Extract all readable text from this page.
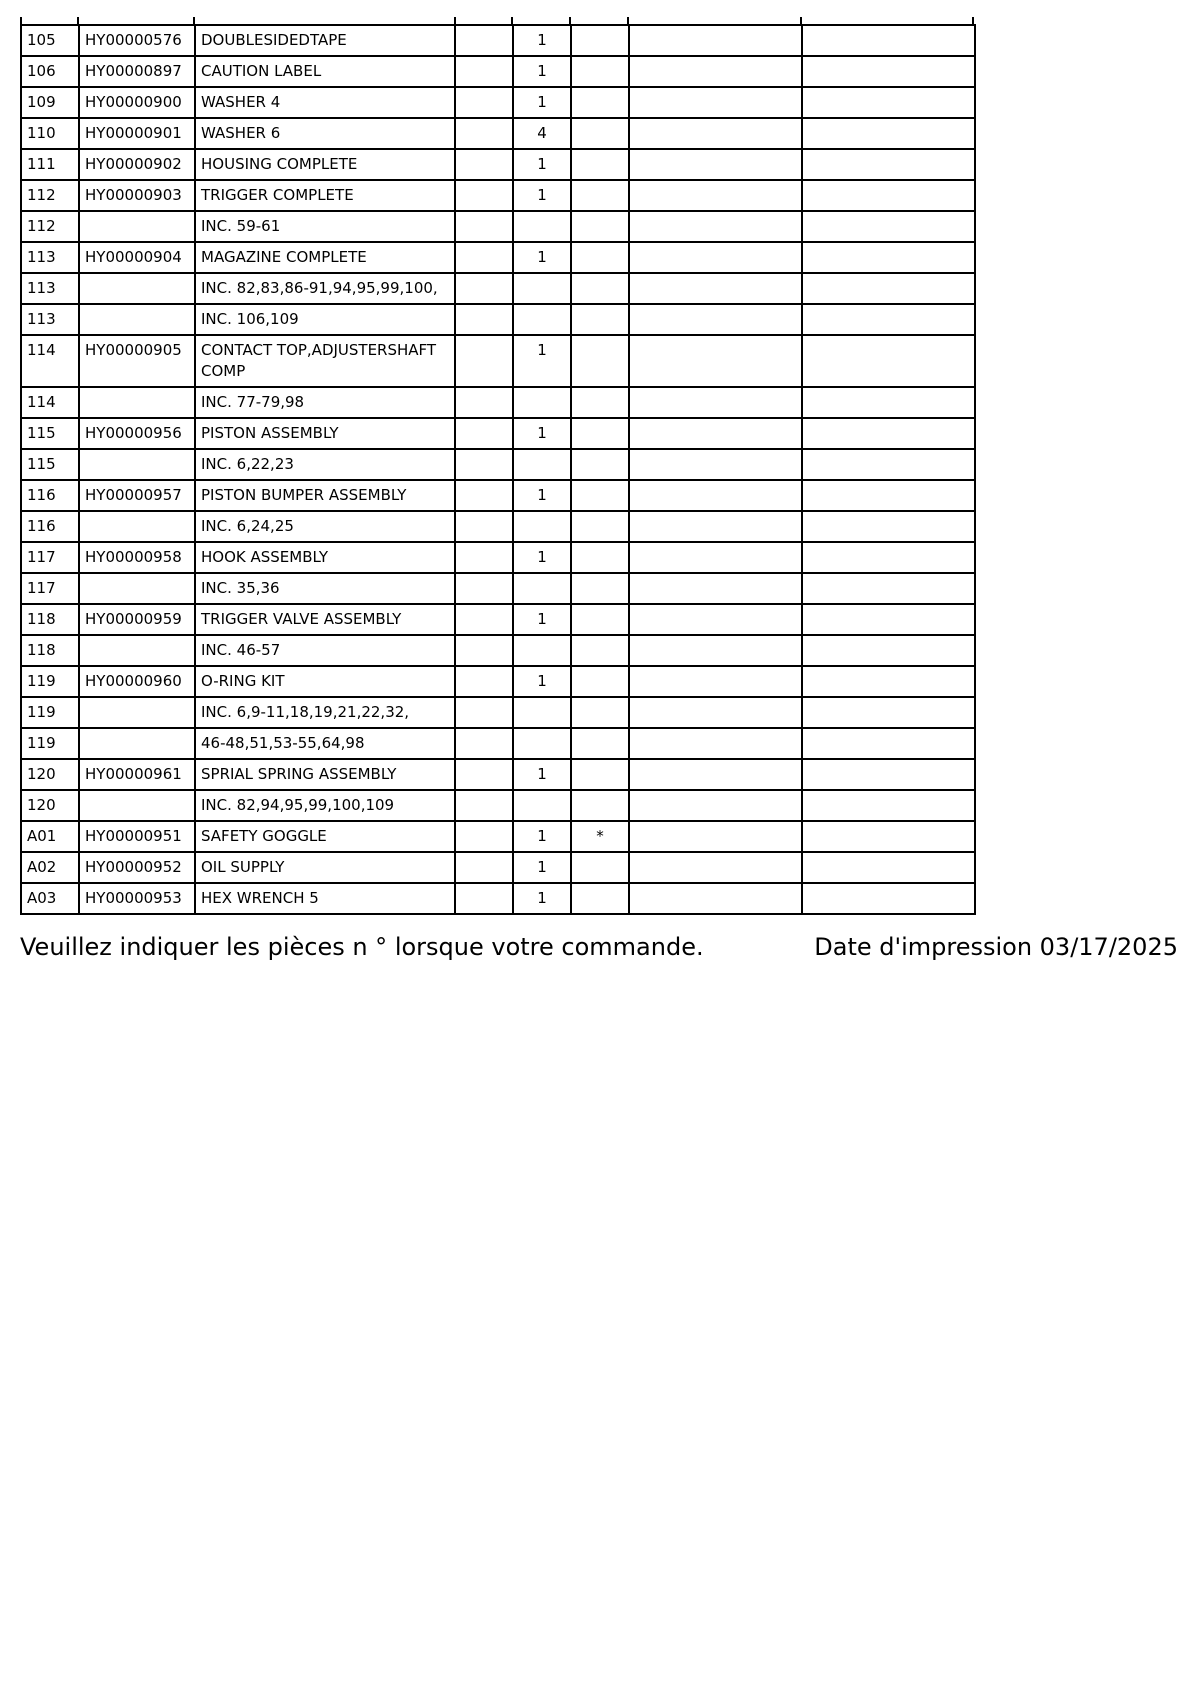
105	HY00000576	DOUBLESIDEDTAPE		1			
106	HY00000897	CAUTION LABEL		1			
109	HY00000900	WASHER 4		1			
110	HY00000901	WASHER 6		4			
111	HY00000902	HOUSING COMPLETE		1			
112	HY00000903	TRIGGER COMPLETE		1			
112		INC. 59-61					
113	HY00000904	MAGAZINE COMPLETE		1			
113		INC. 82,83,86-91,94,95,99,100,					
113		INC. 106,109					
114	HY00000905	CONTACT TOP,ADJUSTERSHAFT COMP		1			
114		INC. 77-79,98					
115	HY00000956	PISTON ASSEMBLY		1			
115		INC. 6,22,23					
116	HY00000957	PISTON BUMPER ASSEMBLY		1			
116		INC. 6,24,25					
117	HY00000958	HOOK ASSEMBLY		1			
117		INC. 35,36					
118	HY00000959	TRIGGER VALVE ASSEMBLY		1			
118		INC. 46-57					
119	HY00000960	O-RING KIT		1			
119		INC. 6,9-11,18,19,21,22,32,					
119		46-48,51,53-55,64,98					
120	HY00000961	SPRIAL SPRING ASSEMBLY		1			
120		INC. 82,94,95,99,100,109					
A01	HY00000951	SAFETY GOGGLE		1	*		
A02	HY00000952	OIL SUPPLY		1			
A03	HY00000953	HEX WRENCH 5		1			
Veuillez indiquer les pièces n ° lorsque votre commande.	Date d'impression 03/17/2025
